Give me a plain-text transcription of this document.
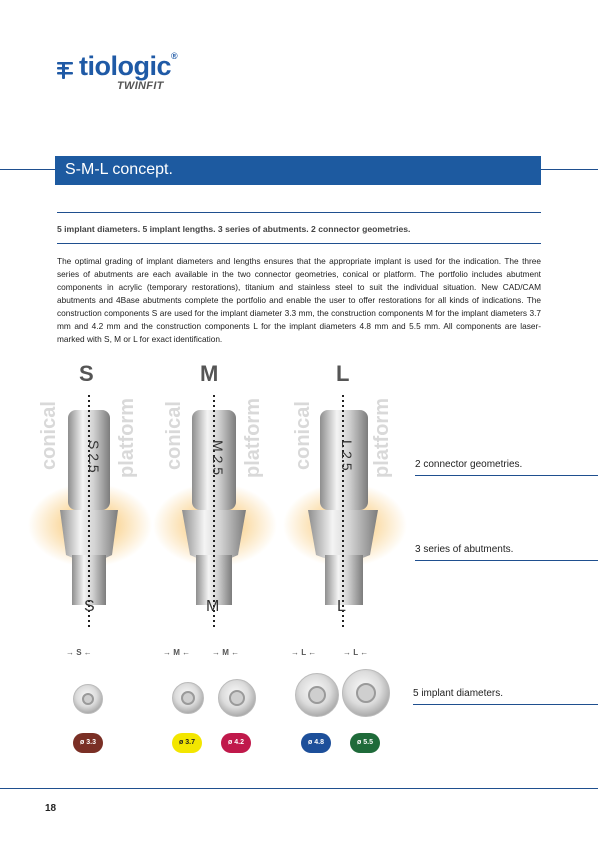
tiologic®
TWINFIT
S-M-L concept.
5 implant diameters. 5 implant lengths. 3 series of abutments. 2 connector geometries.
The optimal grading of implant diameters and lengths ensures that the appropriate implant is used for the indication. The three series of abutments are each available in the two connector geometries, conical or platform. The portfolio includes abutment components in acrylic (temporary restorations), titanium and stainless steel to suit the individual situation. New CAD/CAM abutments and 4Base abutments complete the portfolio and enable the user to offer restorations for all kinds of indications. The construction components S are used for the implant diameter 3.3 mm, the construction components M for the implant diameters 3.7 mm and 4.2 mm and the construction components L for the implant diameters 4.8 mm and 5.5 mm. All components are laser-marked with S, M or L for exact identification.
S	M	L
conical	platform conical	platform conical	platform
S 2.5
M 2.5
L 2.5
S	M	L
2 connector geometries.
3 series of abutments.
5 implant diameters.
→ S ←	→ M ←	→ M ←	→ L ←	→ L ←
ø 3.3	ø 3.7	ø 4.2	ø 4.8	ø 5.5
18
